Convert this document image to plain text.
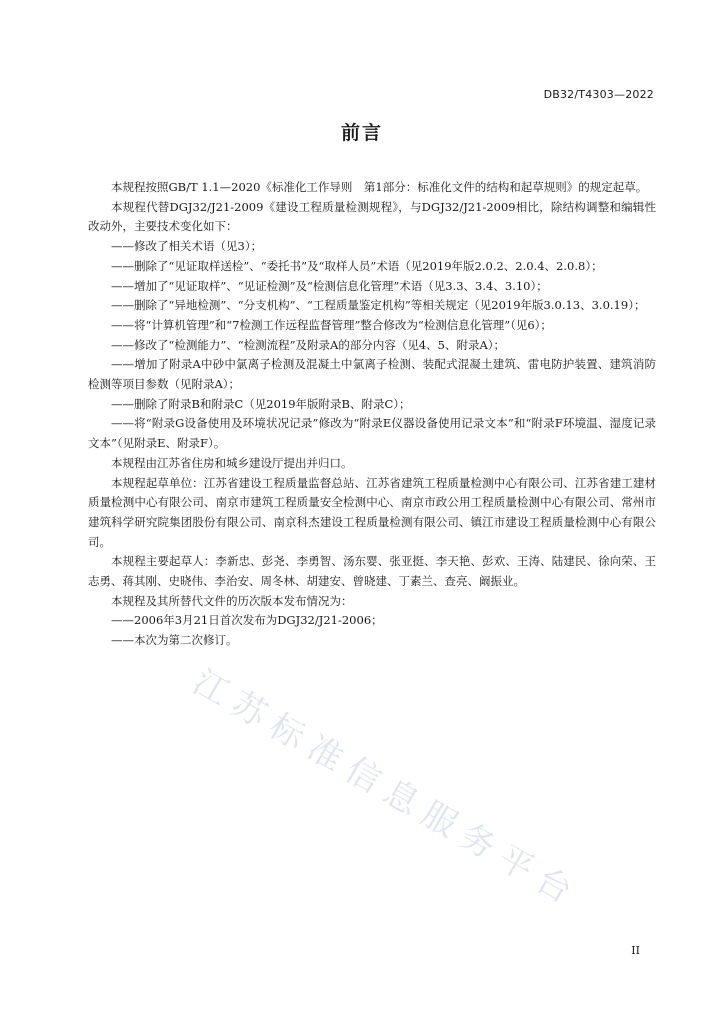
DB32/T4303—2022
前言

本规程按照GB/T 1.1—2020《标准化工作导则　第1部分：标准化文件的结构和起草规则》的规定起草。

本规程代替DGJ32/J21-2009《建设工程质量检测规程》，与DGJ32/J21-2009相比，除结构调整和编辑性改动外，主要技术变化如下：

——修改了相关术语（见3）；

——删除了“见证取样送检”、“委托书”及“取样人员”术语（见2019年版2.0.2、2.0.4、2.0.8）；

——增加了“见证取样”、“见证检测”及“检测信息化管理”术语（见3.3、3.4、3.10）；

——删除了“异地检测”、“分支机构”、“工程质量鉴定机构”等相关规定（见2019年版3.0.13、3.0.19）；

——将“计算机管理”和“7检测工作远程监督管理”整合修改为“检测信息化管理”（见6）；

——修改了“检测能力”、“检测流程”及附录A的部分内容（见4、5、附录A）；

——增加了附录A中砂中氯离子检测及混凝土中氯离子检测、装配式混凝土建筑、雷电防护装置、建筑消防检测等项目参数（见附录A）；

——删除了附录B和附录C（见2019年版附录B、附录C）；

——将“附录G设备使用及环境状况记录”修改为“附录E仪器设备使用记录文本”和“附录F环境温、湿度记录文本”（见附录E、附录F）。

本规程由江苏省住房和城乡建设厅提出并归口。

本规程起草单位：江苏省建设工程质量监督总站、江苏省建筑工程质量检测中心有限公司、江苏省建工建材质量检测中心有限公司、南京市建筑工程质量安全检测中心、南京市政公用工程质量检测中心有限公司、常州市建筑科学研究院集团股份有限公司、南京科杰建设工程质量检测有限公司、镇江市建设工程质量检测中心有限公司。

本规程主要起草人：李新忠、彭尧、李勇智、汤东婴、张亚挺、李天艳、彭欢、王涛、陆建民、徐向荣、王志勇、蒋其刚、史晓伟、李治安、周冬林、胡建安、曾晓建、丁素兰、查亮、阚振业。

本规程及其所替代文件的历次版本发布情况为：

——2006年3月21日首次发布为DGJ32/J21-2006；

——本次为第二次修订。

江苏标准信息服务平台
II
